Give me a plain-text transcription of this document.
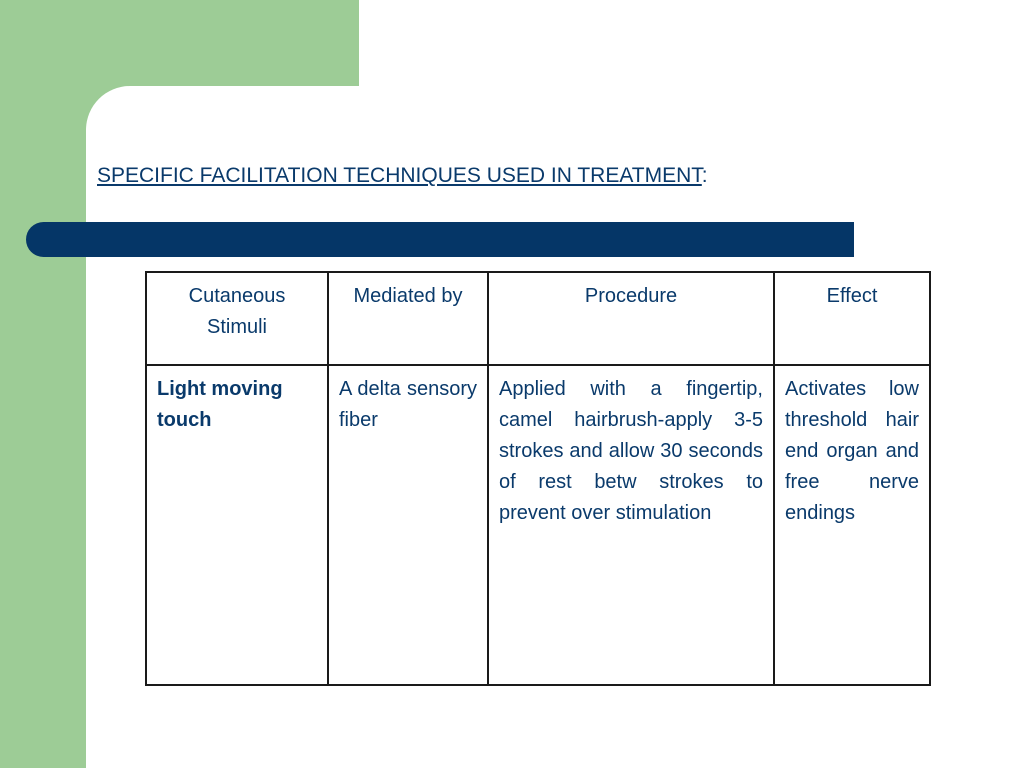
SPECIFIC FACILITATION TECHNIQUES USED IN TREATMENT:
Cutaneous Stimuli	Mediated by	Procedure	Effect
Light moving touch	A delta sensory fiber	Applied with a fingertip, camel hairbrush-apply 3-5 strokes and allow 30 seconds of rest betw strokes to prevent over stimulation	Activates low threshold hair end organ and free nerve endings
